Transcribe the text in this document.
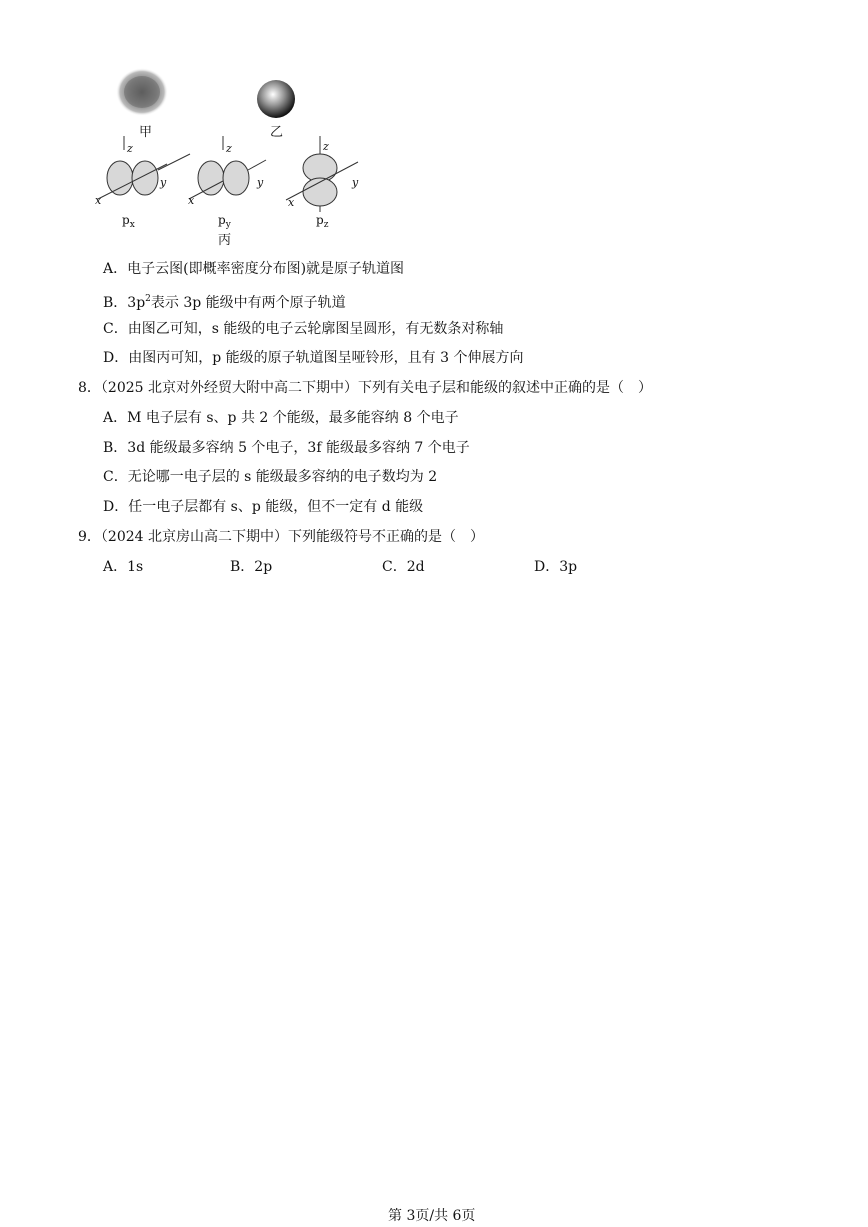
甲	乙
z	z	z
y	y	y
x	x	x
$p_x$	$p_y$	$p_z$
丙
A．电子云图(即概率密度分布图)就是原子轨道图
B．$3p^2$表示 3p 能级中有两个原子轨道
C．由图乙可知，s 能级的电子云轮廓图呈圆形，有无数条对称轴
D．由图丙可知，p 能级的原子轨道图呈哑铃形，且有 3 个伸展方向
8．（2025 北京对外经贸大附中高二下期中）下列有关电子层和能级的叙述中正确的是（　）
A．M 电子层有 s、p 共 2 个能级，最多能容纳 8 个电子
B．3d 能级最多容纳 5 个电子，3f 能级最多容纳 7 个电子
C．无论哪一电子层的 s 能级最多容纳的电子数均为 2
D．任一电子层都有 s、p 能级，但不一定有 d 能级
9．（2024 北京房山高二下期中）下列能级符号不正确的是（　）
A．1s	B．2p	C．2d	D．3p
第 3页/共 6页
